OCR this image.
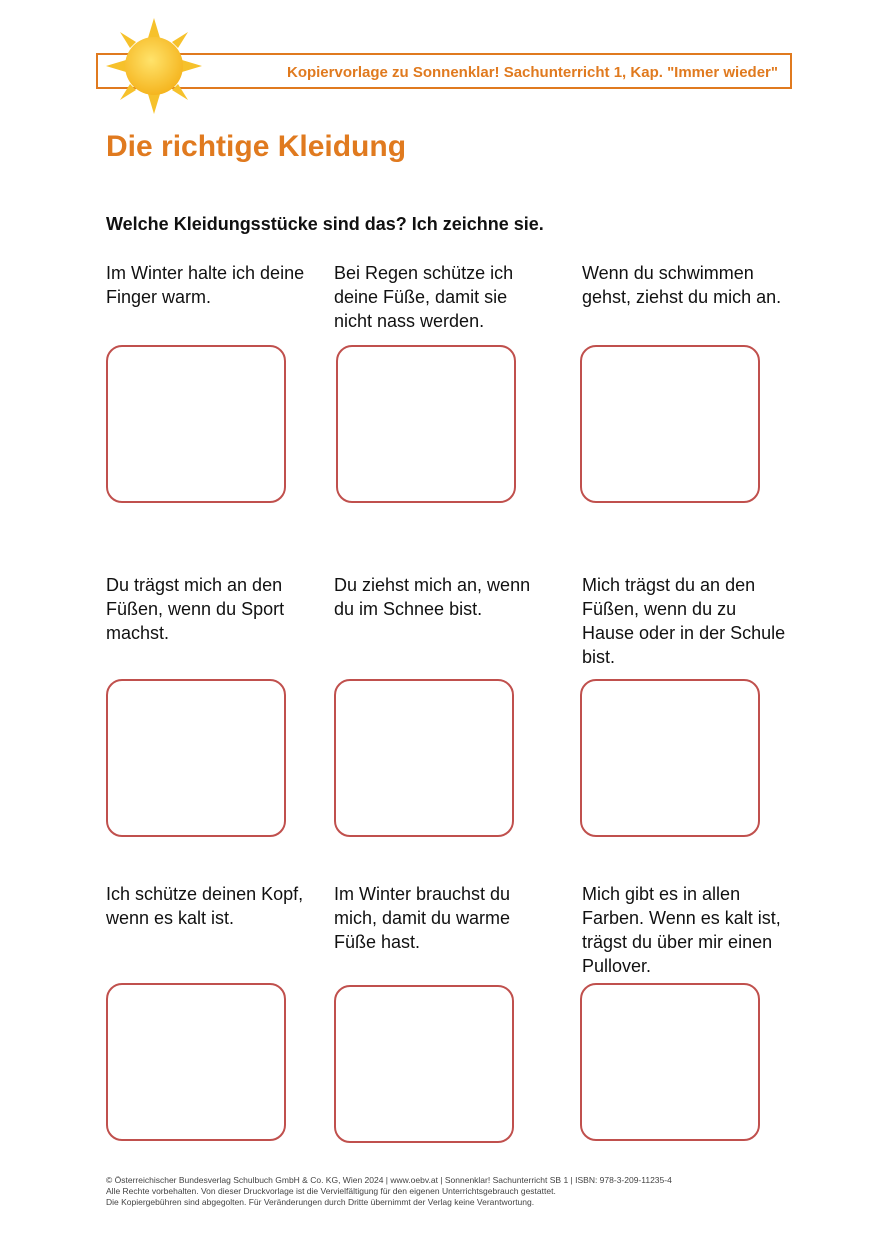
Kopiervorlage zu Sonnenklar! Sachunterricht 1, Kap. "Immer wieder"
Die richtige Kleidung

Welche Kleidungsstücke sind das? Ich zeichne sie.

Im Winter halte ich deine Finger warm.

Bei Regen schütze ich deine Füße, damit sie nicht nass werden.

Wenn du schwimmen gehst, ziehst du mich an.

Du trägst mich an den Füßen, wenn du Sport machst.

Du ziehst mich an, wenn du im Schnee bist.

Mich trägst du an den Füßen, wenn du zu Hause oder in der Schule bist.

Ich schütze deinen Kopf, wenn es kalt ist.

Im Winter brauchst du mich, damit du warme Füße hast.

Mich gibt es in allen Farben. Wenn es kalt ist, trägst du über mir einen Pullover.

© Österreichischer Bundesverlag Schulbuch GmbH & Co. KG, Wien 2024 | www.oebv.at | Sonnenklar! Sachunterricht SB 1 | ISBN: 978-3-209-11235-4
Alle Rechte vorbehalten. Von dieser Druckvorlage ist die Vervielfältigung für den eigenen Unterrichtsgebrauch gestattet.
Die Kopiergebühren sind abgegolten. Für Veränderungen durch Dritte übernimmt der Verlag keine Verantwortung.
